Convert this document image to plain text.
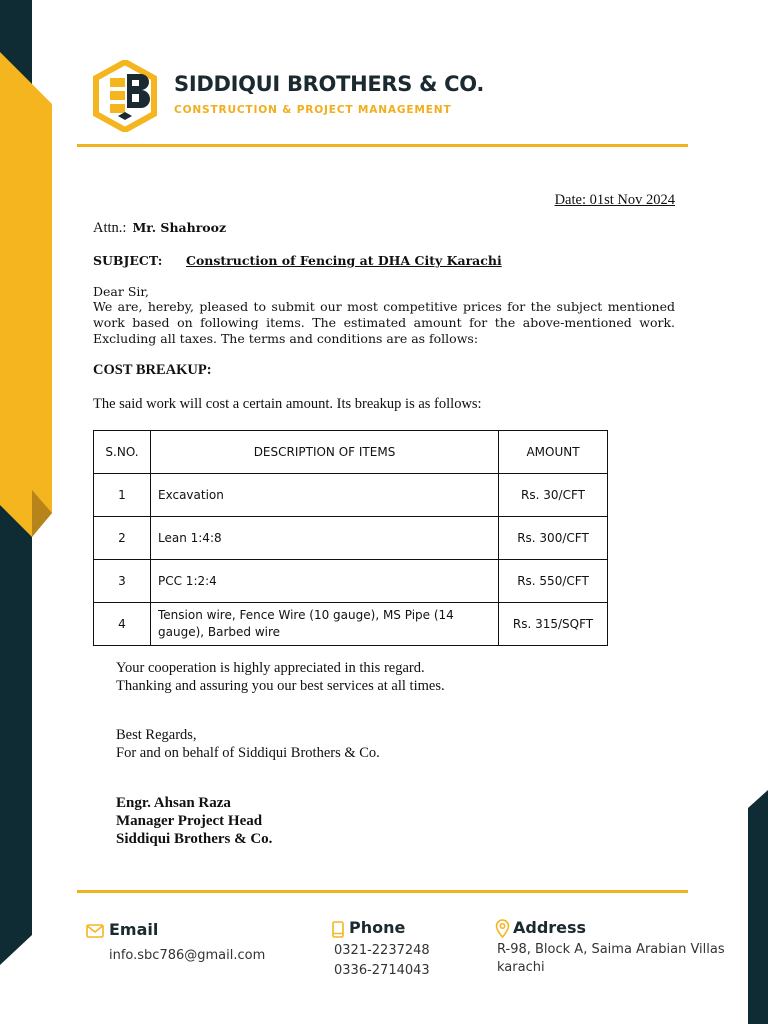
SIDDIQUI BROTHERS & CO.
CONSTRUCTION & PROJECT MANAGEMENT
Date: 01st Nov 2024
Attn.: Mr. Shahrooz
SUBJECT: Construction of Fencing at DHA City Karachi
Dear Sir,
We are, hereby, pleased to submit our most competitive prices for the subject mentioned work based on following items. The estimated amount for the above-mentioned work. Excluding all taxes. The terms and conditions are as follows:
COST BREAKUP:
The said work will cost a certain amount. Its breakup is as follows:
S.NO.	DESCRIPTION OF ITEMS	AMOUNT
1	Excavation	Rs. 30/CFT
2	Lean 1:4:8	Rs. 300/CFT
3	PCC 1:2:4	Rs. 550/CFT
4	Tension wire, Fence Wire (10 gauge), MS Pipe (14 gauge), Barbed wire	Rs. 315/SQFT
Your cooperation is highly appreciated in this regard.
Thanking and assuring you our best services at all times.
Best Regards,
For and on behalf of Siddiqui Brothers & Co.
Engr. Ahsan Raza
Manager Project Head
Siddiqui Brothers & Co.
Email
info.sbc786@gmail.com
Phone
0321-2237248
0336-2714043
Address
R-98, Block A, Saima Arabian Villas
karachi
